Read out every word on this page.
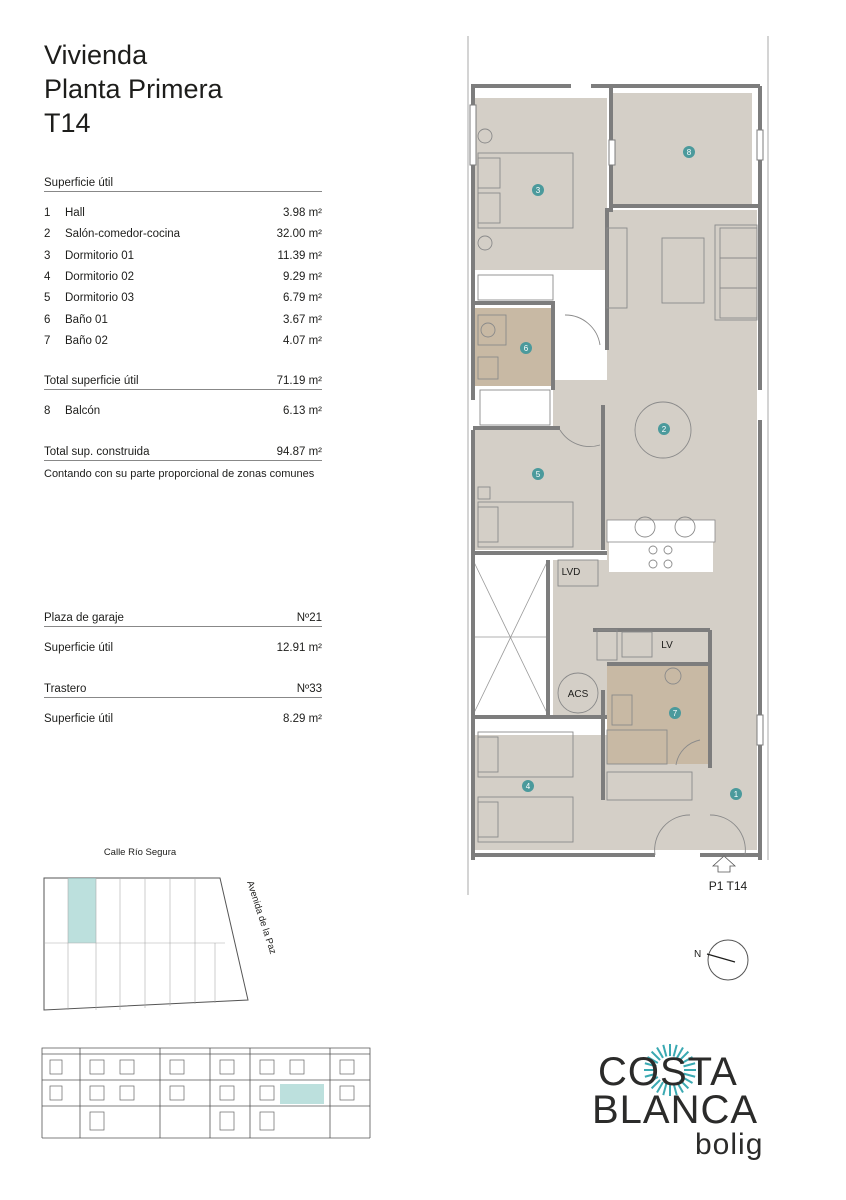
Vivienda
Planta Primera
T14
Superficie útil
1 Hall	3.98 m²
2 Salón-comedor-cocina	32.00 m²
3 Dormitorio 01	11.39 m²
4 Dormitorio 02	9.29 m²
5 Dormitorio 03	6.79 m²
6 Baño 01	3.67 m²
7 Baño 02	4.07 m²
Total superficie útil	71.19 m²
8 Balcón	6.13 m²
Total sup. construida	94.87 m²
Contando con su parte proporcional de zonas comunes
Plaza de garaje	Nº21
Superficie útil	12.91 m²
Trastero	Nº33
Superficie útil	8.29 m²
LVD
LV
ACS
1
2
3
4
5
6
7
8
P1 T14
Calle Río Segura
Avenida de la Paz	N
COSTA
BLANCA
bolig
